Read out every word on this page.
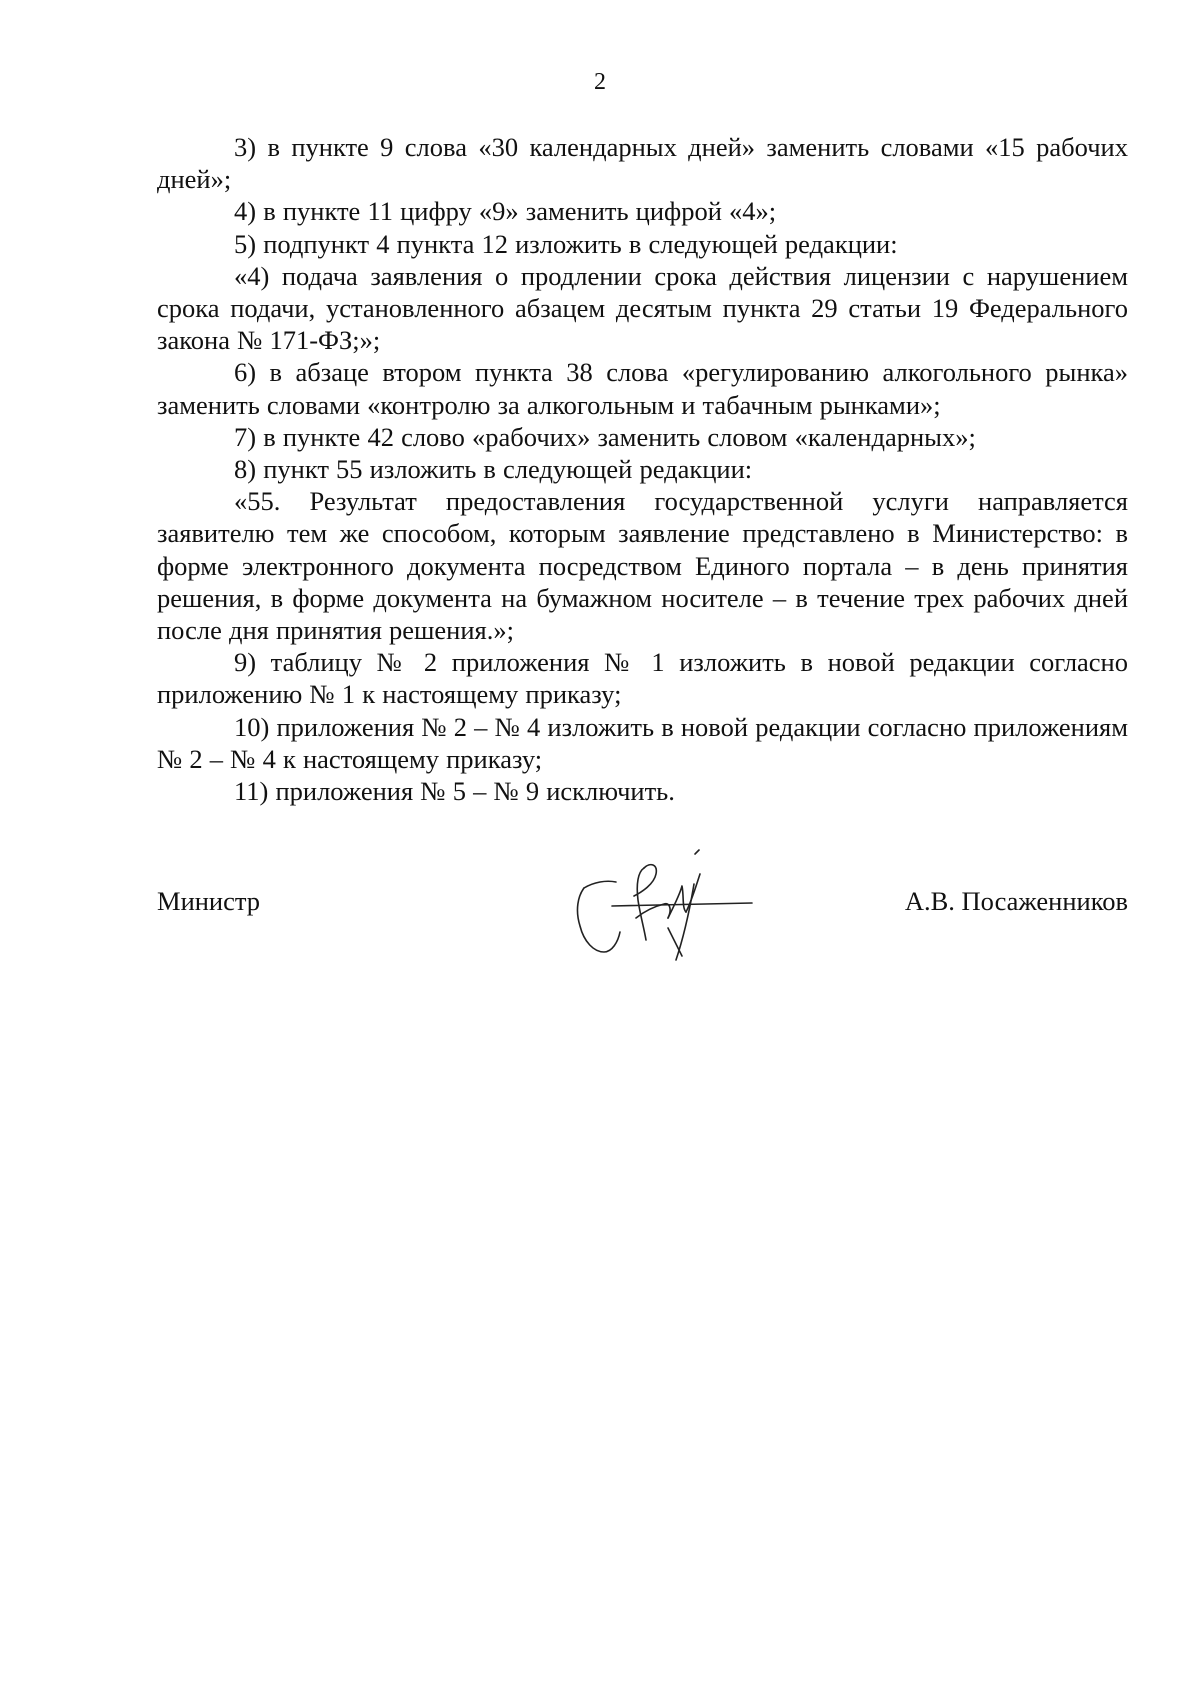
2

3) в пункте 9 слова «30 календарных дней» заменить словами «15 рабочих дней»;

4) в пункте 11 цифру «9» заменить цифрой «4»;

5) подпункт 4 пункта 12 изложить в следующей редакции:

«4) подача заявления о продлении срока действия лицензии с нарушением срока подачи, установленного абзацем десятым пункта 29 статьи 19 Федерального закона № 171-ФЗ;»;

6) в абзаце втором пункта 38 слова «регулированию алкогольного рынка» заменить словами «контролю за алкогольным и табачным рынками»;

7) в пункте 42 слово «рабочих» заменить словом «календарных»;

8) пункт 55 изложить в следующей редакции:

«55. Результат предоставления государственной услуги направляется заявителю тем же способом, которым заявление представлено в Министерство: в форме электронного документа посредством Единого портала – в день принятия решения, в форме документа на бумажном носителе – в течение трех рабочих дней после дня принятия решения.»;

9) таблицу № 2 приложения № 1 изложить в новой редакции согласно приложению № 1 к настоящему приказу;

10) приложения № 2 – № 4 изложить в новой редакции согласно приложениям № 2 – № 4 к настоящему приказу;

11) приложения № 5 – № 9 исключить.

Министр	А.В. Посаженников
